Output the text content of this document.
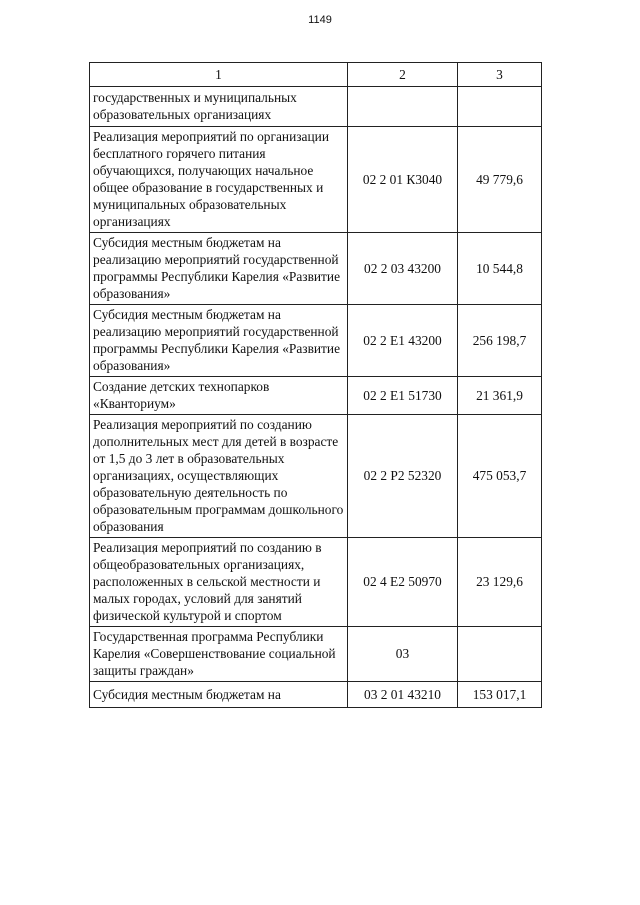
1149
1	2	3
государственных и муниципальных образовательных организациях		
Реализация мероприятий по организации бесплатного горячего питания обучающихся, получающих начальное общее образование в государственных и муниципальных образовательных организациях	02 2 01 К3040	49 779,6
Субсидия местным бюджетам на реализацию мероприятий государственной программы Республики Карелия «Развитие образования»	02 2 03 43200	10 544,8
Субсидия местным бюджетам на реализацию мероприятий государственной программы Республики Карелия «Развитие образования»	02 2 E1 43200	256 198,7
Создание детских технопарков «Кванториум»	02 2 E1 51730	21 361,9
Реализация мероприятий по созданию дополнительных мест для детей в возрасте от 1,5 до 3 лет в образовательных организациях, осуществляющих образовательную деятельность по образовательным программам дошкольного образования	02 2 P2 52320	475 053,7
Реализация мероприятий по созданию в общеобразовательных организациях, расположенных в сельской местности и малых городах, условий для занятий физической культурой и спортом	02 4 E2 50970	23 129,6
Государственная программа Республики Карелия «Совершенствование социальной защиты граждан»	03	
Субсидия местным бюджетам на	03 2 01 43210	153 017,1
